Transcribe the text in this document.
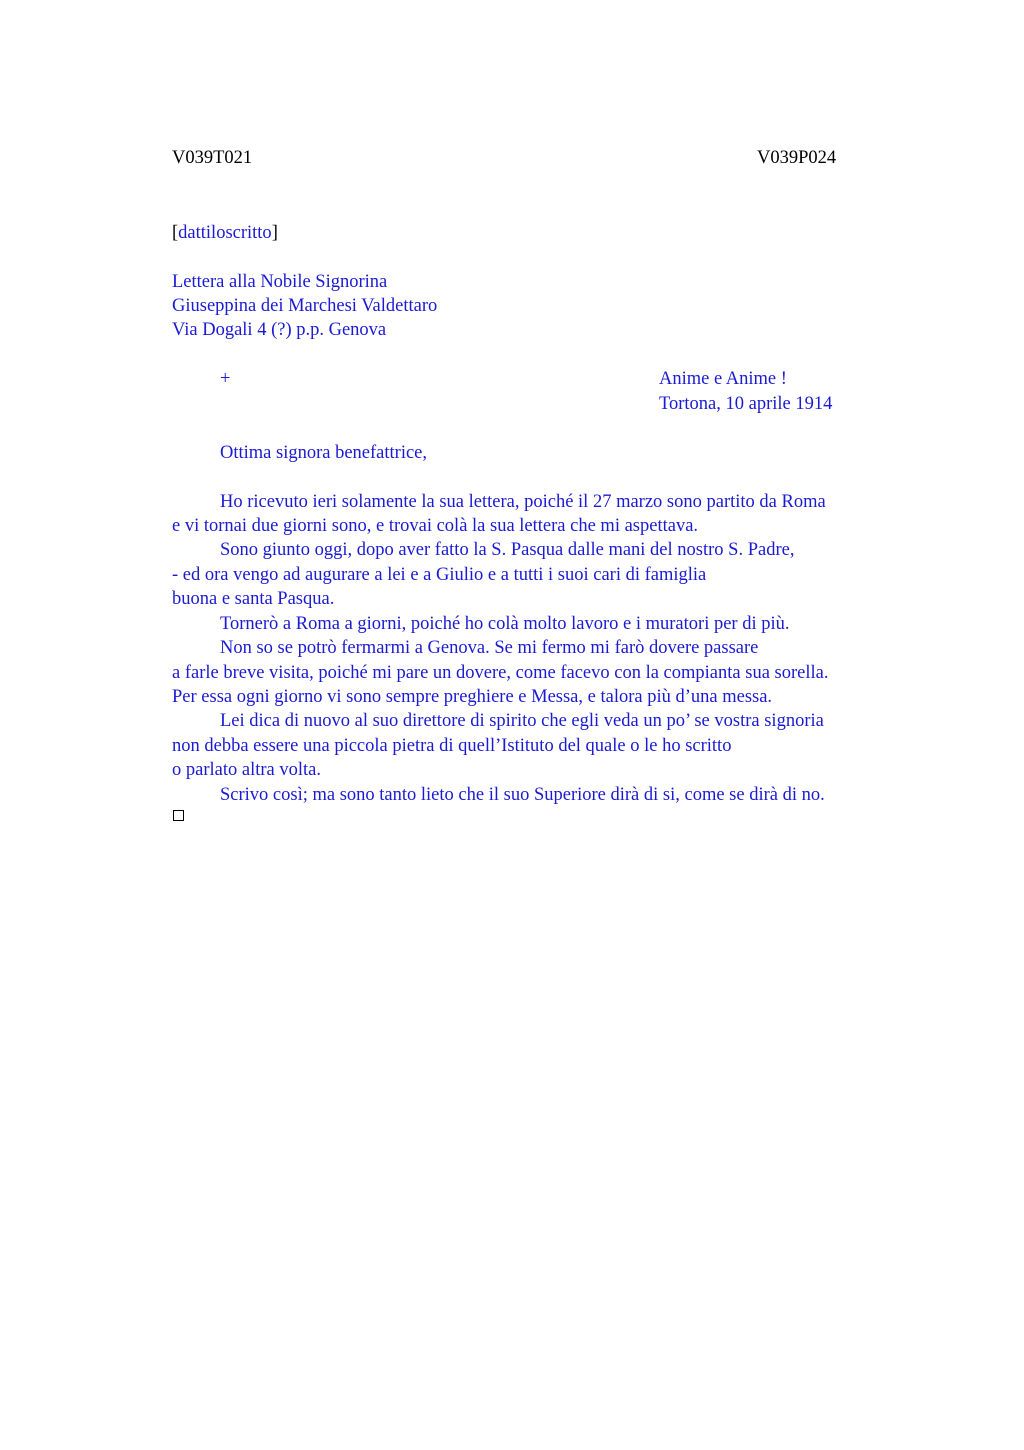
V039T021	V039P024
[dattiloscritto]
Lettera alla Nobile Signorina
Giuseppina dei Marchesi Valdettaro
Via Dogali 4 (?) p.p. Genova
+	Anime e Anime !
Tortona, 10 aprile 1914
Ottima signora benefattrice,
Ho ricevuto ieri solamente la sua lettera, poiché il 27 marzo sono partito da Roma
e vi tornai due giorni sono, e trovai colà la sua lettera che mi aspettava.
Sono giunto oggi, dopo aver fatto la S. Pasqua dalle mani del nostro S. Padre,
- ed ora vengo ad augurare a lei e a Giulio e a tutti i suoi cari di famiglia
buona e santa Pasqua.
Tornerò a Roma a giorni, poiché ho colà molto lavoro e i muratori per di più.
Non so se potrò fermarmi a Genova. Se mi fermo mi farò dovere passare
a farle breve visita, poiché mi pare un dovere, come facevo con la compianta sua sorella.
Per essa ogni giorno vi sono sempre preghiere e Messa, e talora più d’una messa.
Lei dica di nuovo al suo direttore di spirito che egli veda un po’ se vostra signoria
non debba essere una piccola pietra di quell’Istituto del quale o le ho scritto
o parlato altra volta.
Scrivo così; ma sono tanto lieto che il suo Superiore dirà di si, come se dirà di no.
